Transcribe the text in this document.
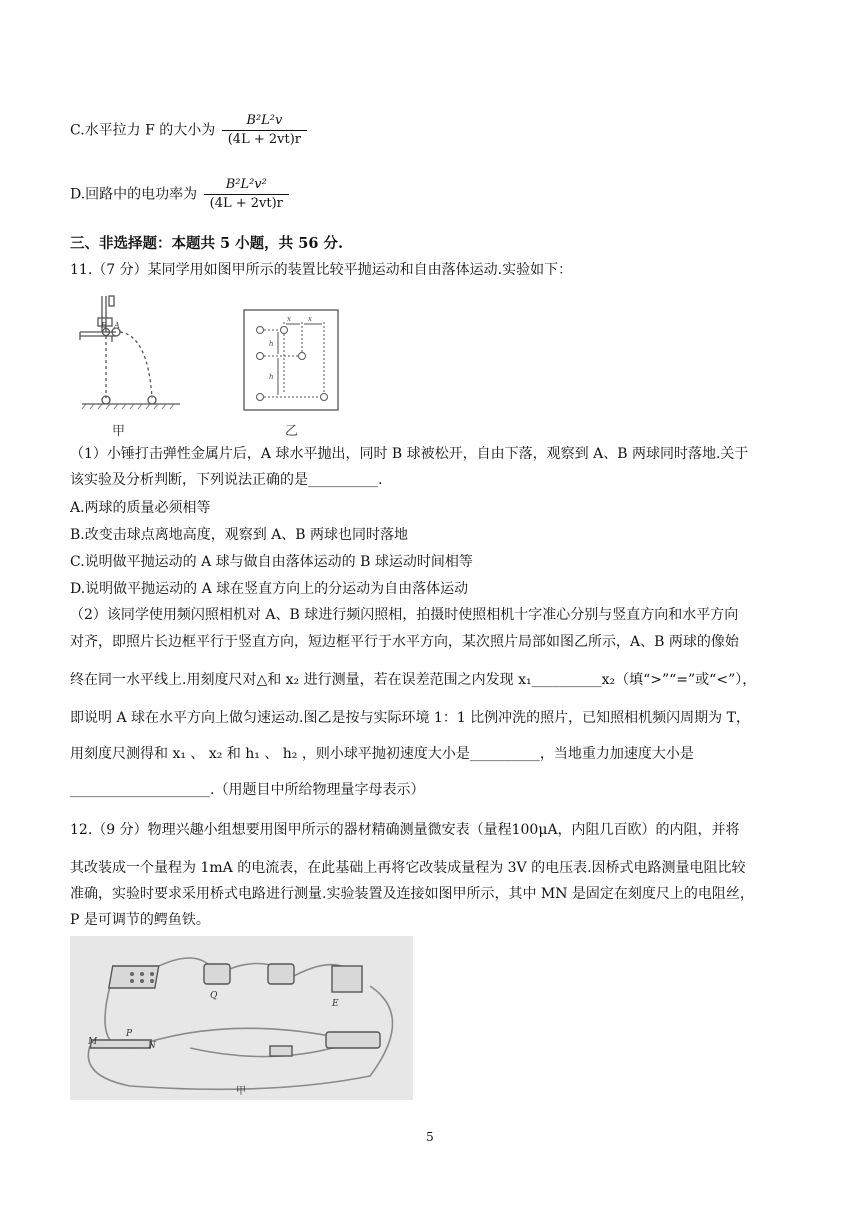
C.水平拉力 F 的大小为 $\frac{\text{B²L²v}}{(4L + 2vt)r}$
D.回路中的电功率为 $\frac{\text{B²L²v²}}{(4L + 2vt)r}$
三、非选择题：本题共 5 小题，共 56 分.
11.（7 分）某同学用如图甲所示的装置比较平抛运动和自由落体运动.实验如下：
B A
甲
x x
h
h
乙
（1）小锤打击弹性金属片后，A 球水平抛出，同时 B 球被松开，自由下落，观察到 A、B 两球同时落地.关于
该实验及分析判断，下列说法正确的是__________.
A.两球的质量必须相等
B.改变击球点离地高度，观察到 A、B 两球也同时落地
C.说明做平抛运动的 A 球与做自由落体运动的 B 球运动时间相等
D.说明做平抛运动的 A 球在竖直方向上的分运动为自由落体运动
（2）该同学使用频闪照相机对 A、B 球进行频闪照相，拍摄时使照相机十字准心分别与竖直方向和水平方向
对齐，即照片长边框平行于竖直方向，短边框平行于水平方向，某次照片局部如图乙所示，A、B 两球的像始
终在同一水平线上.用刻度尺对△和 x₂ 进行测量，若在误差范围之内发现 x₁__________x₂（填“>”“=”或“<”），
即说明 A 球在水平方向上做匀速运动.图乙是按与实际环境 1：1 比例冲洗的照片，已知照相机频闪周期为 T，
用刻度尺测得和 x₁ 、 x₂ 和 h₁ 、 h₂ ，则小球平抛初速度大小是__________，当地重力加速度大小是
____________________.（用题目中所给物理量字母表示）
12.（9 分）物理兴趣小组想要用图甲所示的器材精确测量微安表（量程100μA，内阻几百欧）的内阻，并将
其改装成一个量程为 1mA 的电流表，在此基础上再将它改装成量程为 3V 的电压表.因桥式电路测量电阻比较
准确，实验时要求采用桥式电路进行测量.实验装置及连接如图甲所示，其中 MN 是固定在刻度尺上的电阻丝，
P 是可调节的鳄鱼铁。
Q
E
M	N
P
甲
5
